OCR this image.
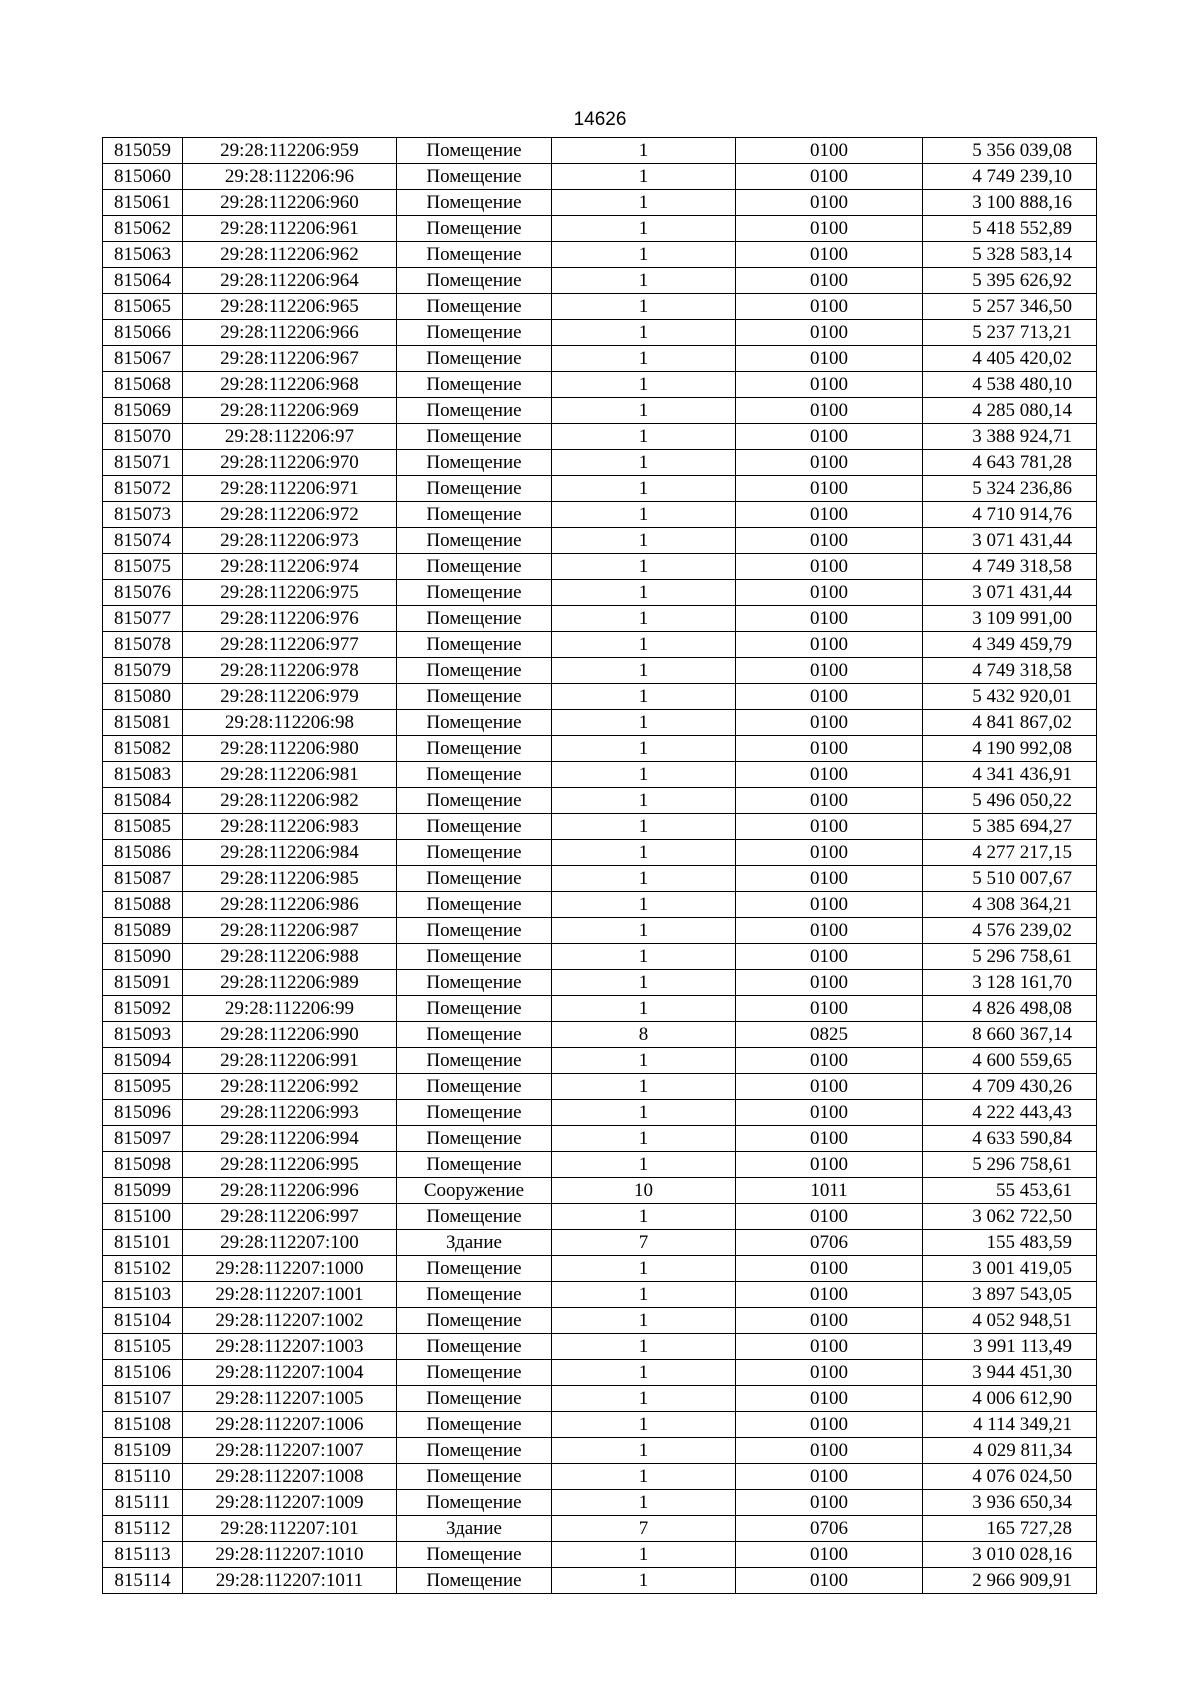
14626
815059	29:28:112206:959	Помещение	1	0100	5 356 039,08
815060	29:28:112206:96	Помещение	1	0100	4 749 239,10
815061	29:28:112206:960	Помещение	1	0100	3 100 888,16
815062	29:28:112206:961	Помещение	1	0100	5 418 552,89
815063	29:28:112206:962	Помещение	1	0100	5 328 583,14
815064	29:28:112206:964	Помещение	1	0100	5 395 626,92
815065	29:28:112206:965	Помещение	1	0100	5 257 346,50
815066	29:28:112206:966	Помещение	1	0100	5 237 713,21
815067	29:28:112206:967	Помещение	1	0100	4 405 420,02
815068	29:28:112206:968	Помещение	1	0100	4 538 480,10
815069	29:28:112206:969	Помещение	1	0100	4 285 080,14
815070	29:28:112206:97	Помещение	1	0100	3 388 924,71
815071	29:28:112206:970	Помещение	1	0100	4 643 781,28
815072	29:28:112206:971	Помещение	1	0100	5 324 236,86
815073	29:28:112206:972	Помещение	1	0100	4 710 914,76
815074	29:28:112206:973	Помещение	1	0100	3 071 431,44
815075	29:28:112206:974	Помещение	1	0100	4 749 318,58
815076	29:28:112206:975	Помещение	1	0100	3 071 431,44
815077	29:28:112206:976	Помещение	1	0100	3 109 991,00
815078	29:28:112206:977	Помещение	1	0100	4 349 459,79
815079	29:28:112206:978	Помещение	1	0100	4 749 318,58
815080	29:28:112206:979	Помещение	1	0100	5 432 920,01
815081	29:28:112206:98	Помещение	1	0100	4 841 867,02
815082	29:28:112206:980	Помещение	1	0100	4 190 992,08
815083	29:28:112206:981	Помещение	1	0100	4 341 436,91
815084	29:28:112206:982	Помещение	1	0100	5 496 050,22
815085	29:28:112206:983	Помещение	1	0100	5 385 694,27
815086	29:28:112206:984	Помещение	1	0100	4 277 217,15
815087	29:28:112206:985	Помещение	1	0100	5 510 007,67
815088	29:28:112206:986	Помещение	1	0100	4 308 364,21
815089	29:28:112206:987	Помещение	1	0100	4 576 239,02
815090	29:28:112206:988	Помещение	1	0100	5 296 758,61
815091	29:28:112206:989	Помещение	1	0100	3 128 161,70
815092	29:28:112206:99	Помещение	1	0100	4 826 498,08
815093	29:28:112206:990	Помещение	8	0825	8 660 367,14
815094	29:28:112206:991	Помещение	1	0100	4 600 559,65
815095	29:28:112206:992	Помещение	1	0100	4 709 430,26
815096	29:28:112206:993	Помещение	1	0100	4 222 443,43
815097	29:28:112206:994	Помещение	1	0100	4 633 590,84
815098	29:28:112206:995	Помещение	1	0100	5 296 758,61
815099	29:28:112206:996	Сооружение	10	1011	55 453,61
815100	29:28:112206:997	Помещение	1	0100	3 062 722,50
815101	29:28:112207:100	Здание	7	0706	155 483,59
815102	29:28:112207:1000	Помещение	1	0100	3 001 419,05
815103	29:28:112207:1001	Помещение	1	0100	3 897 543,05
815104	29:28:112207:1002	Помещение	1	0100	4 052 948,51
815105	29:28:112207:1003	Помещение	1	0100	3 991 113,49
815106	29:28:112207:1004	Помещение	1	0100	3 944 451,30
815107	29:28:112207:1005	Помещение	1	0100	4 006 612,90
815108	29:28:112207:1006	Помещение	1	0100	4 114 349,21
815109	29:28:112207:1007	Помещение	1	0100	4 029 811,34
815110	29:28:112207:1008	Помещение	1	0100	4 076 024,50
815111	29:28:112207:1009	Помещение	1	0100	3 936 650,34
815112	29:28:112207:101	Здание	7	0706	165 727,28
815113	29:28:112207:1010	Помещение	1	0100	3 010 028,16
815114	29:28:112207:1011	Помещение	1	0100	2 966 909,91
